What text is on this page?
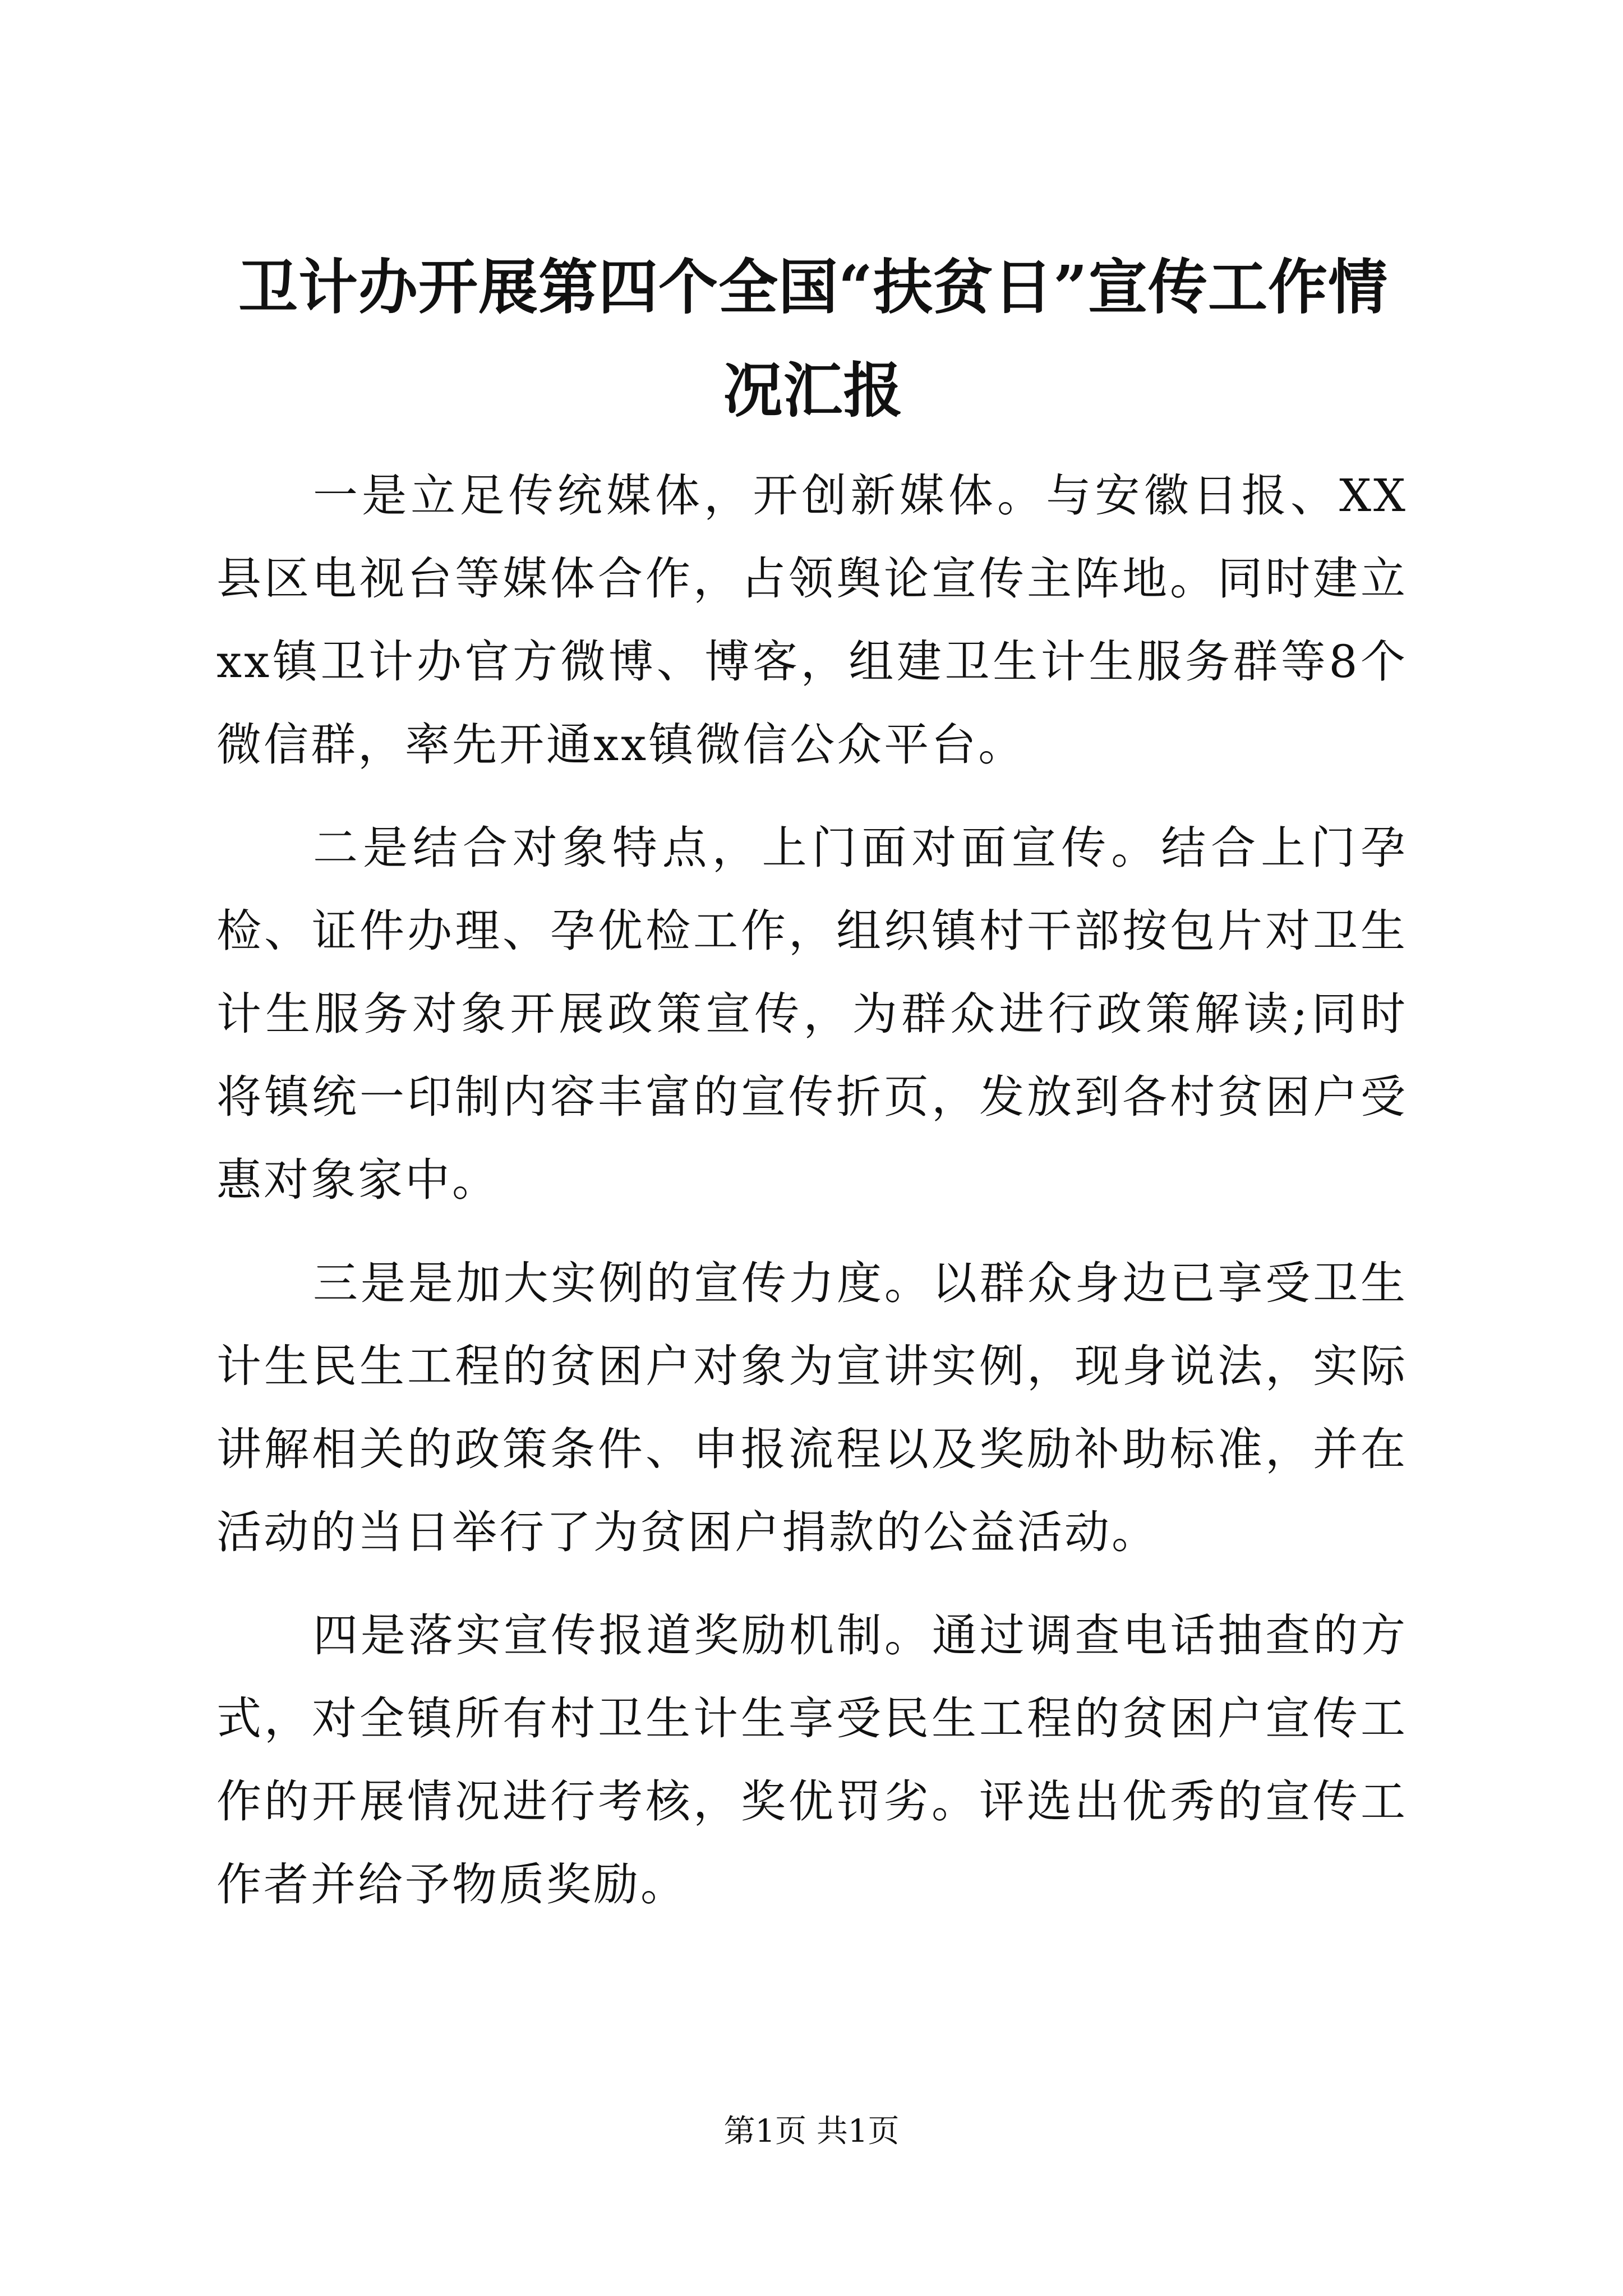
卫计办开展第四个全国“扶贫日”宣传工作情况汇报

一是立足传统媒体，开创新媒体。与安徽日报、XX县区电视台等媒体合作，占领舆论宣传主阵地。同时建立xx镇卫计办官方微博、博客，组建卫生计生服务群等8个微信群，率先开通xx镇微信公众平台。

二是结合对象特点，上门面对面宣传。结合上门孕检、证件办理、孕优检工作，组织镇村干部按包片对卫生计生服务对象开展政策宣传，为群众进行政策解读;同时将镇统一印制内容丰富的宣传折页，发放到各村贫困户受惠对象家中。

三是是加大实例的宣传力度。以群众身边已享受卫生计生民生工程的贫困户对象为宣讲实例，现身说法，实际讲解相关的政策条件、申报流程以及奖励补助标准，并在活动的当日举行了为贫困户捐款的公益活动。

四是落实宣传报道奖励机制。通过调查电话抽查的方式，对全镇所有村卫生计生享受民生工程的贫困户宣传工作的开展情况进行考核，奖优罚劣。评选出优秀的宣传工作者并给予物质奖励。

第1页 共1页
